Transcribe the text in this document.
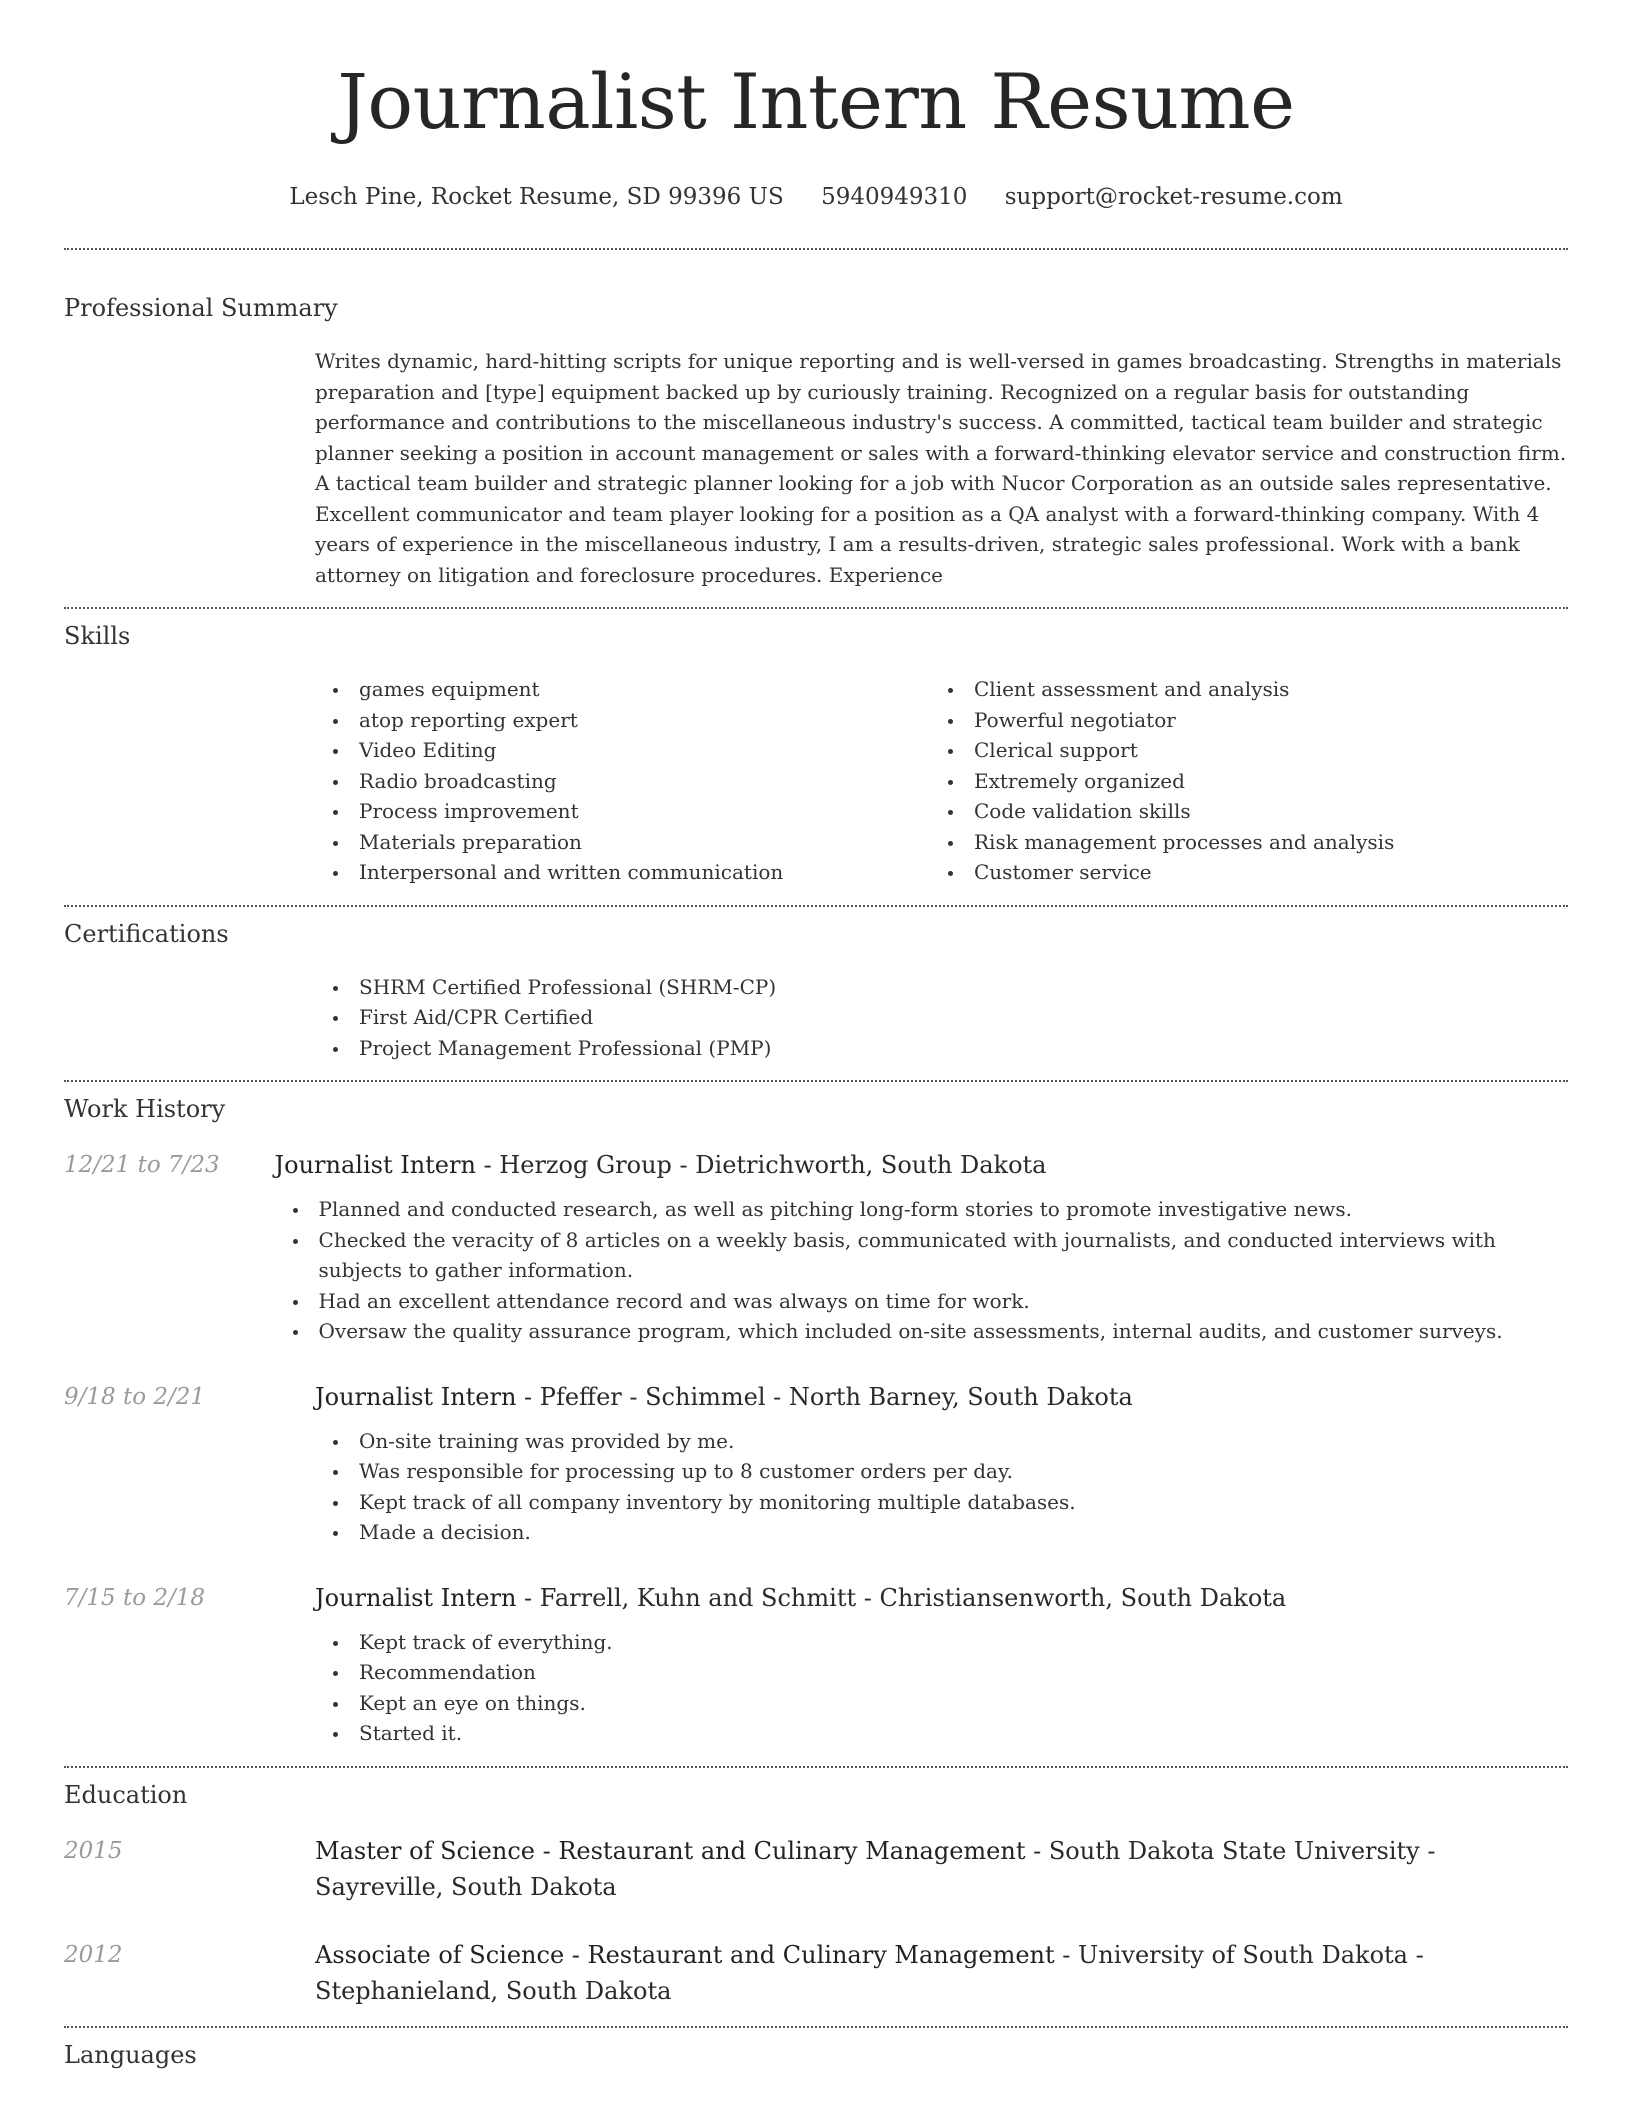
Journalist Intern Resume
Lesch Pine, Rocket Resume, SD 99396 US 5940949310 support@rocket-resume.com
Professional Summary

Writes dynamic, hard-hitting scripts for unique reporting and is well-versed in games broadcasting. Strengths in materials preparation and [type] equipment backed up by curiously training. Recognized on a regular basis for outstanding performance and contributions to the miscellaneous industry's success. A committed, tactical team builder and strategic planner seeking a position in account management or sales with a forward-thinking elevator service and construction firm. A tactical team builder and strategic planner looking for a job with Nucor Corporation as an outside sales representative. Excellent communicator and team player looking for a position as a QA analyst with a forward-thinking company. With 4 years of experience in the miscellaneous industry, I am a results-driven, strategic sales professional. Work with a bank attorney on litigation and foreclosure procedures. Experience

Skills
games equipment
atop reporting expert
Video Editing
Radio broadcasting
Process improvement
Materials preparation
Interpersonal and written communication
Client assessment and analysis
Powerful negotiator
Clerical support
Extremely organized
Code validation skills
Risk management processes and analysis
Customer service
Certifications
SHRM Certified Professional (SHRM-CP)
First Aid/CPR Certified
Project Management Professional (PMP)
Work History
12/21 to 7/23	Journalist Intern - Herzog Group - Dietrichworth, South Dakota
Planned and conducted research, as well as pitching long-form stories to promote investigative news.
Checked the veracity of 8 articles on a weekly basis, communicated with journalists, and conducted interviews with subjects to gather information.
Had an excellent attendance record and was always on time for work.
Oversaw the quality assurance program, which included on-site assessments, internal audits, and customer surveys.
9/18 to 2/21	Journalist Intern - Pfeffer - Schimmel - North Barney, South Dakota
On-site training was provided by me.
Was responsible for processing up to 8 customer orders per day.
Kept track of all company inventory by monitoring multiple databases.
Made a decision.
7/15 to 2/18	Journalist Intern - Farrell, Kuhn and Schmitt - Christiansenworth, South Dakota
Kept track of everything.
Recommendation
Kept an eye on things.
Started it.
Education
2015	Master of Science - Restaurant and Culinary Management - South Dakota State University - Sayreville, South Dakota
2012	Associate of Science - Restaurant and Culinary Management - University of South Dakota - Stephanieland, South Dakota
Languages
